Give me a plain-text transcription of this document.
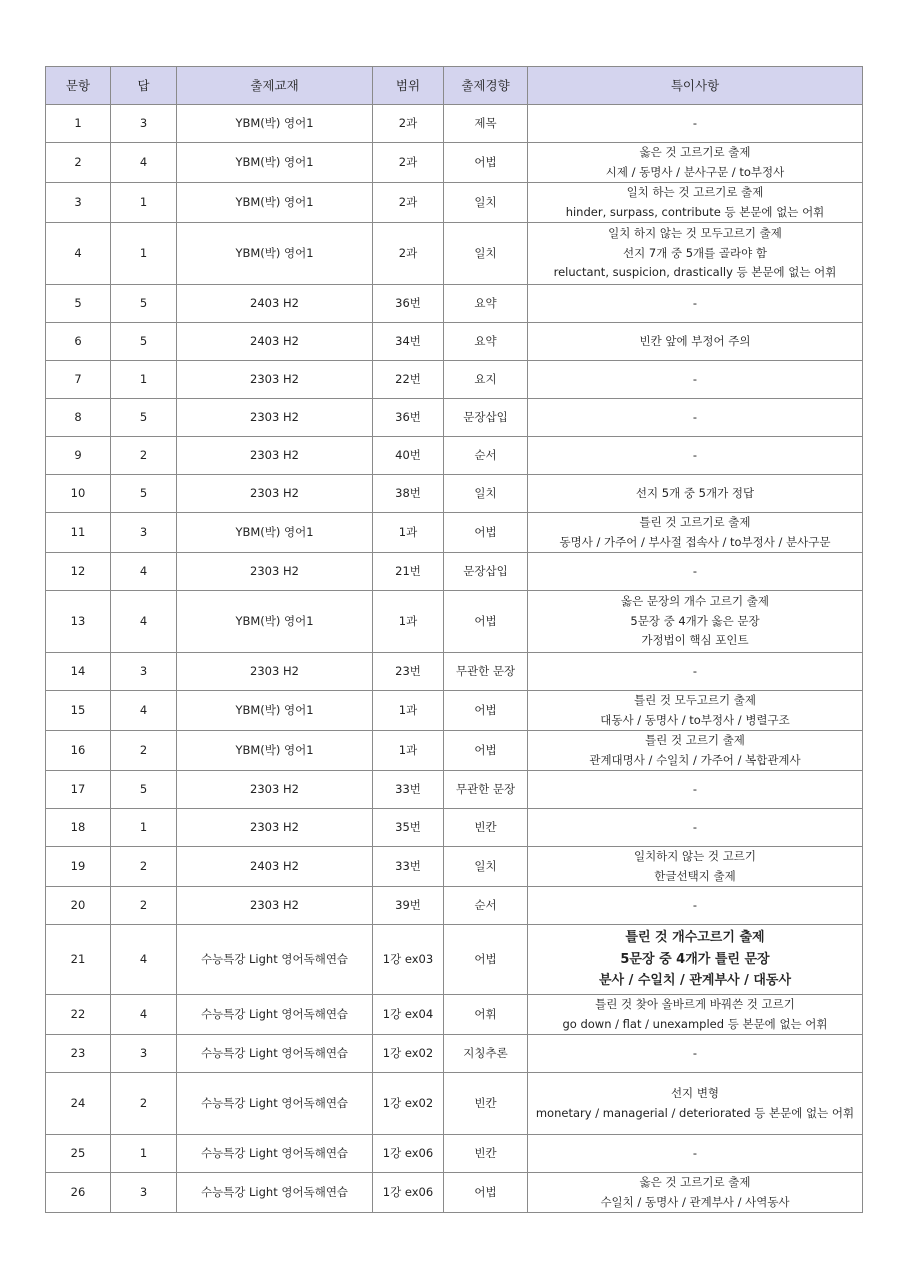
문항	답	출제교재	범위	출제경향	특이사항
1	3	YBM(박) 영어1	2과	제목	-

2	4	YBM(박) 영어1	2과	어법	옳은 것 고르기로 출제
시제 / 동명사 / 분사구문 / to부정사

3	1	YBM(박) 영어1	2과	일치	일치 하는 것 고르기로 출제
hinder, surpass, contribute 등 본문에 없는 어휘

4	1	YBM(박) 영어1	2과	일치	일치 하지 않는 것 모두고르기 출제
선지 7개 중 5개를 골라야 함
reluctant, suspicion, drastically 등 본문에 없는 어휘

5	5	2403 H2	36번	요약	-

6	5	2403 H2	34번	요약	빈칸 앞에 부정어 주의

7	1	2303 H2	22번	요지	-

8	5	2303 H2	36번	문장삽입	-

9	2	2303 H2	40번	순서	-

10	5	2303 H2	38번	일치	선지 5개 중 5개가 정답

11	3	YBM(박) 영어1	1과	어법	틀린 것 고르기로 출제
동명사 / 가주어 / 부사절 접속사 / to부정사 / 분사구문

12	4	2303 H2	21번	문장삽입	-

13	4	YBM(박) 영어1	1과	어법	옳은 문장의 개수 고르기 출제
5문장 중 4개가 옳은 문장
가정법이 핵심 포인트

14	3	2303 H2	23번	무관한 문장	-

15	4	YBM(박) 영어1	1과	어법	틀린 것 모두고르기 출제
대동사 / 동명사 / to부정사 / 병렬구조

16	2	YBM(박) 영어1	1과	어법	틀린 것 고르기 출제
관계대명사 / 수일치 / 가주어 / 복합관계사

17	5	2303 H2	33번	무관한 문장	-

18	1	2303 H2	35번	빈칸	-

19	2	2403 H2	33번	일치	일치하지 않는 것 고르기
한글선택지 출제

20	2	2303 H2	39번	순서	-

21	4	수능특강 Light 영어독해연습	1강 ex03	어법	틀린 것 개수고르기 출제
5문장 중 4개가 틀린 문장
분사 / 수일치 / 관계부사 / 대동사

22	4	수능특강 Light 영어독해연습	1강 ex04	어휘	틀린 것 찾아 올바르게 바꿔쓴 것 고르기
go down / flat / unexampled 등 본문에 없는 어휘

23	3	수능특강 Light 영어독해연습	1강 ex02	지칭추론	-

24	2	수능특강 Light 영어독해연습	1강 ex02	빈칸	선지 변형
monetary / managerial / deteriorated 등 본문에 없는 어휘

25	1	수능특강 Light 영어독해연습	1강 ex06	빈칸	-

26	3	수능특강 Light 영어독해연습	1강 ex06	어법	옳은 것 고르기로 출제
수일치 / 동명사 / 관계부사 / 사역동사
